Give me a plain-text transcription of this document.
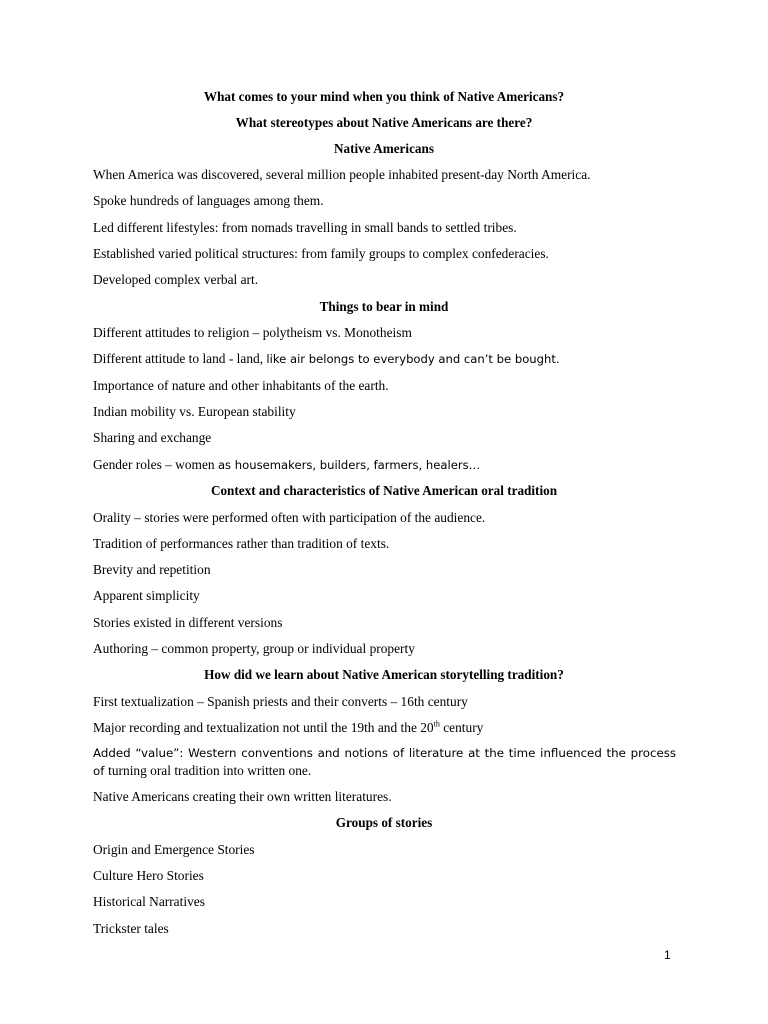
What comes to your mind when you think of Native Americans?
What stereotypes about Native Americans are there?
Native Americans
When America was discovered, several million people inhabited present-day North America.
Spoke hundreds of languages among them.
Led different lifestyles: from nomads travelling in small bands to settled tribes.
Established varied political structures: from family groups to complex confederacies.
Developed complex verbal art.
Things to bear in mind
Different attitudes to religion – polytheism vs. Monotheism
Different attitude to land - land, like air belongs to everybody and can’t be bought.
Importance of nature and other inhabitants of the earth.
Indian mobility vs. European stability
Sharing and exchange
Gender roles – women as housemakers, builders, farmers, healers…
Context and characteristics of Native American oral tradition
Orality – stories were performed often with participation of the audience.
Tradition of performances rather than tradition of texts.
Brevity and repetition
Apparent simplicity
Stories existed in different versions
Authoring – common property, group or individual property
How did we learn about Native American storytelling tradition?
First textualization – Spanish priests and their converts – 16th century
Major recording and textualization not until the 19th and the 20th century
Added “value”: Western conventions and notions of literature at the time influenced the process of turning oral tradition into written one.
Native Americans creating their own written literatures.
Groups of stories
Origin and Emergence Stories
Culture Hero Stories
Historical Narratives
Trickster tales
1
